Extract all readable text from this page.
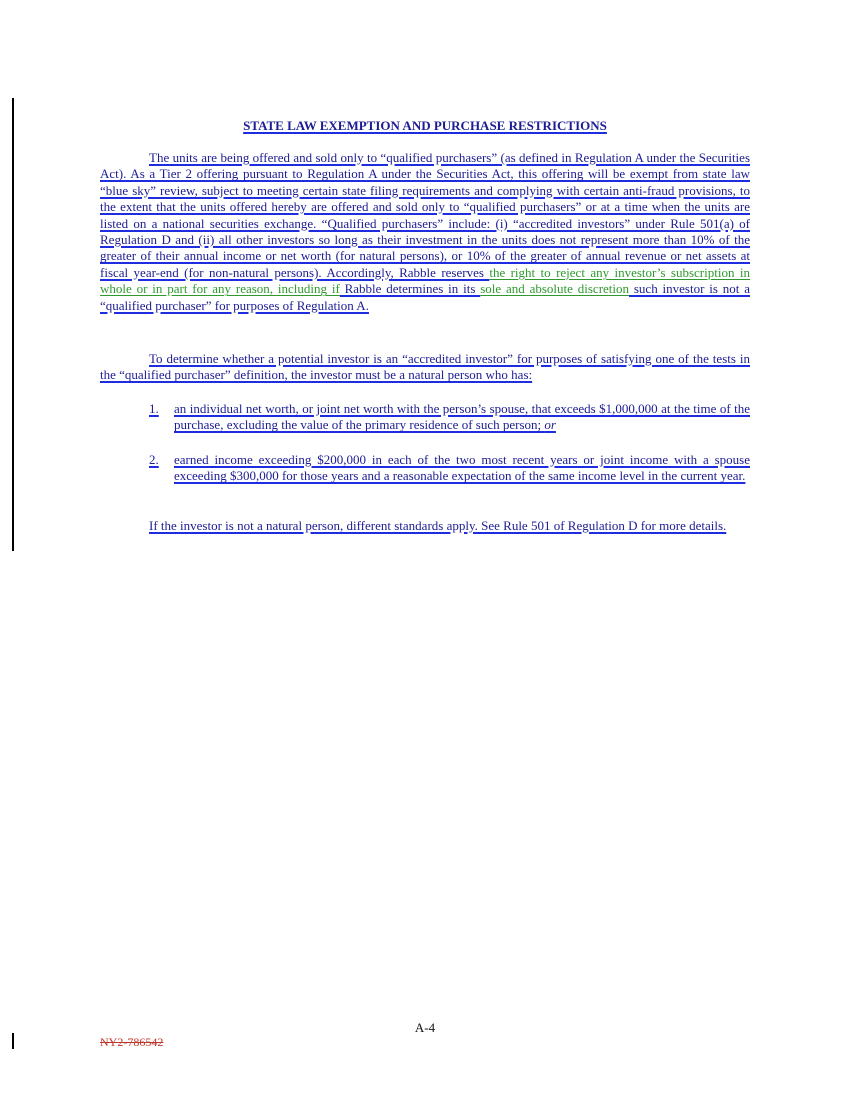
STATE LAW EXEMPTION AND PURCHASE RESTRICTIONS

The units are being offered and sold only to “qualified purchasers” (as defined in Regulation A under the Securities Act). As a Tier 2 offering pursuant to Regulation A under the Securities Act, this offering will be exempt from state law “blue sky” review, subject to meeting certain state filing requirements and complying with certain anti-fraud provisions, to the extent that the units offered hereby are offered and sold only to “qualified purchasers” or at a time when the units are listed on a national securities exchange. “Qualified purchasers” include: (i) “accredited investors” under Rule 501(a) of Regulation D and (ii) all other investors so long as their investment in the units does not represent more than 10% of the greater of their annual income or net worth (for natural persons), or 10% of the greater of annual revenue or net assets at fiscal year-end (for non-natural persons). Accordingly, Rabble reserves the right to reject any investor’s subscription in whole or in part for any reason, including if Rabble determines in its sole and absolute discretion such investor is not a “qualified purchaser” for purposes of Regulation A.

To determine whether a potential investor is an “accredited investor” for purposes of satisfying one of the tests in the “qualified purchaser” definition, the investor must be a natural person who has:

1.	an individual net worth, or joint net worth with the person’s spouse, that exceeds $1,000,000 at the time of the purchase, excluding the value of the primary residence of such person; or
2.	earned income exceeding $200,000 in each of the two most recent years or joint income with a spouse exceeding $300,000 for those years and a reasonable expectation of the same income level in the current year.

If the investor is not a natural person, different standards apply. See Rule 501 of Regulation D for more details.

A-4
NY2-786542
